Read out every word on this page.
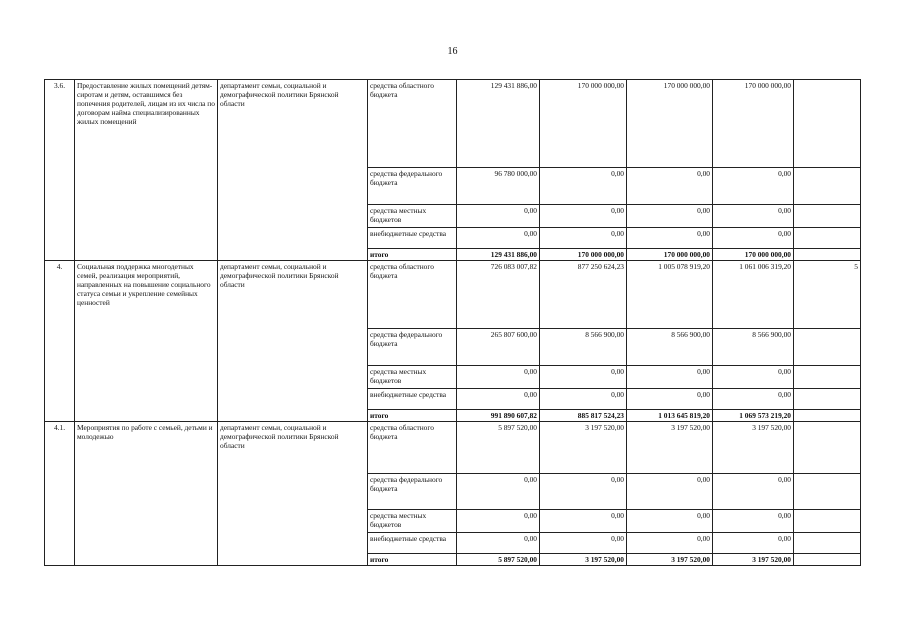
16
3.6.	Предоставление жилых помещений детям-сиротам и детям, оставшимся без попечения родителей, лицам из их числа по договорам найма специализированных жилых помещений	департамент семьи, социальной и демографической политики Брянской области	средства областного бюджета	129 431 886,00	170 000 000,00	170 000 000,00	170 000 000,00	
			средства федерального бюджета	96 780 000,00	0,00	0,00	0,00	
			средства местных бюджетов	0,00	0,00	0,00	0,00	
			внебюджетные средства	0,00	0,00	0,00	0,00	
			итого	129 431 886,00	170 000 000,00	170 000 000,00	170 000 000,00	
4.	Социальная поддержка многодетных семей, реализация мероприятий, направленных на повышение социального статуса семьи и укрепление семейных ценностей	департамент семьи, социальной и демографической политики Брянской области	средства областного бюджета	726 083 007,82	877 250 624,23	1 005 078 919,20	1 061 006 319,20	5
			средства федерального бюджета	265 807 600,00	8 566 900,00	8 566 900,00	8 566 900,00	
			средства местных бюджетов	0,00	0,00	0,00	0,00	
			внебюджетные средства	0,00	0,00	0,00	0,00	
			итого	991 890 607,82	885 817 524,23	1 013 645 819,20	1 069 573 219,20	
4.1.	Мероприятия по работе с семьей, детьми и молодежью	департамент семьи, социальной и демографической политики Брянской области	средства областного бюджета	5 897 520,00	3 197 520,00	3 197 520,00	3 197 520,00	
			средства федерального бюджета	0,00	0,00	0,00	0,00	
			средства местных бюджетов	0,00	0,00	0,00	0,00	
			внебюджетные средства	0,00	0,00	0,00	0,00	
			итого	5 897 520,00	3 197 520,00	3 197 520,00	3 197 520,00	
